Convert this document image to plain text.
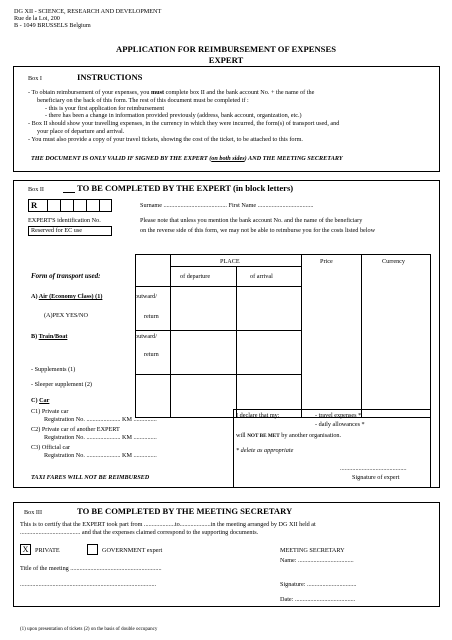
DG XII - SCIENCE, RESEARCH AND DEVELOPMENT
Rue de la Loi, 200
B - 1049 BRUSSELS Belgium
APPLICATION FOR REIMBURSEMENT OF EXPENSES
EXPERT
Box I	INSTRUCTIONS
- To obtain reimbursement of your expenses, you must complete box II and the bank account No. + the name of the
beneficiary on the back of this form. The rest of this document must be completed if :
- this is your first application for reimbursement
- there has been a change in information provided previously (address, bank account, organization, etc.)
- Box II should show your travelling expenses, in the currency in which they were incurred, the form(s) of transport used, and
your place of departure and arrival.
- You must also provide a copy of your travel tickets, showing the cost of the ticket, to be attached to this form.
THE DOCUMENT IS ONLY VALID IF SIGNED BY THE EXPERT (on both sides) AND THE MEETING SECRETARY
Box II	TO BE COMPLETED BY THE EXPERT (in block letters)
R	Surname ......................................... First Name ....................................
EXPERT'S identification No.	Please note that unless you mention the bank account No. and the name of the beneficiary
Reserved for EC use	on the reverse side of this form, we may not be able to reimburse you for the costs listed below
PLACE	Price	Currency
of departure	of arrival
Form of transport used:
A) Air (Economy Class) (1)	outward/
(A)PEX YES/NO	return
B) Train/Boat	outward/
return
- Supplements (1)
- Sleeper supplement (2)
C) Car
C1) Private car
Registration No. ...................... KM ...............
C2) Private car of another EXPERT
Registration No. ...................... KM ...............
C3) Official car
Registration No. ...................... KM ...............
TAXI FARES WILL NOT BE REIMBURSED
I declare that my:	- travel expenses *
- daily allowances *
will NOT BE MET by another organisation.
* delete as appropriate
...........................................
Signature of expert
Box III	TO BE COMPLETED BY THE MEETING SECRETARY
This is to certify that the EXPERT took part from ....................to....................in the meeting arranged by DG XII held at
....................................... and that the expenses claimed correspond to the supporting documents.
X	PRIVATE	GOVERNMENT expert	MEETING SECRETARY
Name: ....................................
Title of the meeting ...........................................................
........................................................................................	Signature: ................................
Date: .......................................
(1) upon presentation of tickets (2) on the basis of double occupancy
